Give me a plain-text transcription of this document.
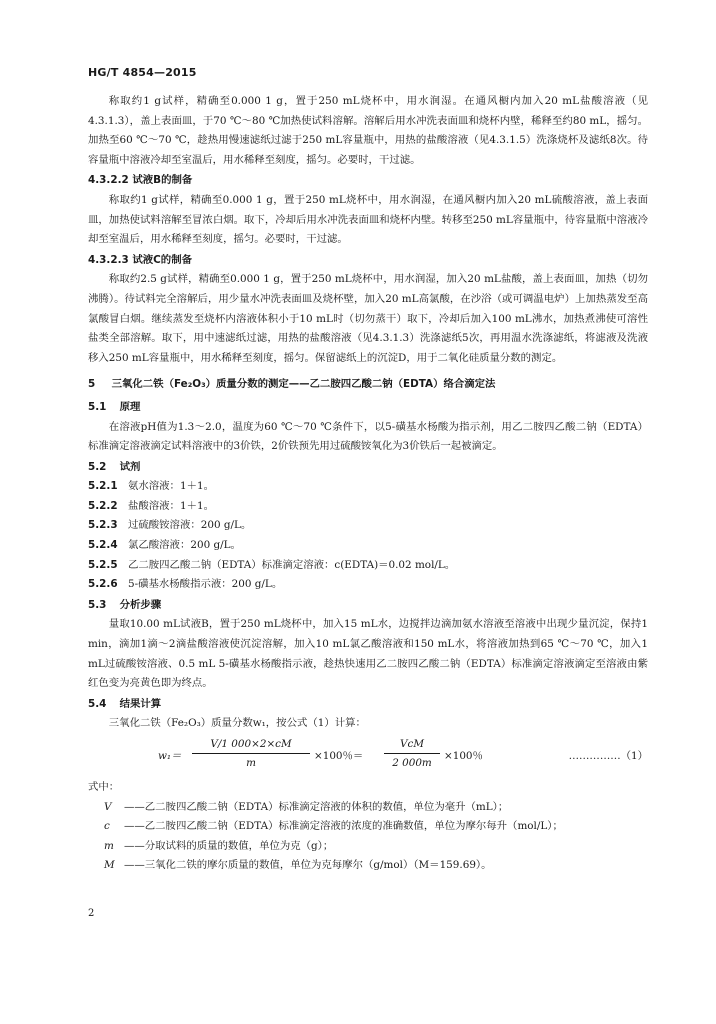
HG/T 4854—2015

称取约1 g试样，精确至0.000 1 g，置于250 mL烧杯中，用水润湿。在通风橱内加入20 mL盐酸溶液（见4.3.1.3），盖上表面皿，于70 ℃～80 ℃加热使试料溶解。溶解后用水冲洗表面皿和烧杯内壁，稀释至约80 mL，摇匀。加热至60 ℃～70 ℃，趁热用慢速滤纸过滤于250 mL容量瓶中，用热的盐酸溶液（见4.3.1.5）洗涤烧杯及滤纸8次。待容量瓶中溶液冷却至室温后，用水稀释至刻度，摇匀。必要时，干过滤。

4.3.2.2 试液B的制备

称取约1 g试样，精确至0.000 1 g，置于250 mL烧杯中，用水润湿，在通风橱内加入20 mL硫酸溶液，盖上表面皿，加热使试料溶解至冒浓白烟。取下，冷却后用水冲洗表面皿和烧杯内壁。转移至250 mL容量瓶中，待容量瓶中溶液冷却至室温后，用水稀释至刻度，摇匀。必要时，干过滤。

4.3.2.3 试液C的制备

称取约2.5 g试样，精确至0.000 1 g，置于250 mL烧杯中，用水润湿，加入20 mL盐酸，盖上表面皿，加热（切勿沸腾）。待试料完全溶解后，用少量水冲洗表面皿及烧杯壁，加入20 mL高氯酸，在沙浴（或可调温电炉）上加热蒸发至高氯酸冒白烟。继续蒸发至烧杯内溶液体积小于10 mL时（切勿蒸干）取下，冷却后加入100 mL沸水，加热煮沸使可溶性盐类全部溶解。取下，用中速滤纸过滤，用热的盐酸溶液（见4.3.1.3）洗涤滤纸5次，再用温水洗涤滤纸，将滤液及洗液移入250 mL容量瓶中，用水稀释至刻度，摇匀。保留滤纸上的沉淀D，用于二氧化硅质量分数的测定。

5 三氧化二铁（Fe₂O₃）质量分数的测定——乙二胺四乙酸二钠（EDTA）络合滴定法
5.1 原理

在溶液pH值为1.3～2.0，温度为60 ℃～70 ℃条件下，以5-磺基水杨酸为指示剂，用乙二胺四乙酸二钠（EDTA）标准滴定溶液滴定试料溶液中的3价铁，2价铁预先用过硫酸铵氧化为3价铁后一起被滴定。

5.2 试剂
5.2.1 氨水溶液：1＋1。
5.2.2 盐酸溶液：1＋1。
5.2.3 过硫酸铵溶液：200 g/L。
5.2.4 氯乙酸溶液：200 g/L。
5.2.5 乙二胺四乙酸二钠（EDTA）标准滴定溶液：c(EDTA)＝0.02 mol/L。
5.2.6 5-磺基水杨酸指示液：200 g/L。
5.3 分析步骤

量取10.00 mL试液B，置于250 mL烧杯中，加入15 mL水，边搅拌边滴加氨水溶液至溶液中出现少量沉淀，保持1 min，滴加1滴～2滴盐酸溶液使沉淀溶解，加入10 mL氯乙酸溶液和150 mL水，将溶液加热到65 ℃～70 ℃，加入1 mL过硫酸铵溶液、0.5 mL 5-磺基水杨酸指示液，趁热快速用乙二胺四乙酸二钠（EDTA）标准滴定溶液滴定至溶液由紫红色变为亮黄色即为终点。

5.4 结果计算

三氧化二铁（Fe₂O₃）质量分数w₁，按公式（1）计算：

w₁＝
V/1 000×2×cM
m
×100％＝
VcM
2 000m
×100％	……………（1）

式中：

V ——乙二胺四乙酸二钠（EDTA）标准滴定溶液的体积的数值，单位为毫升（mL）；
c ——乙二胺四乙酸二钠（EDTA）标准滴定溶液的浓度的准确数值，单位为摩尔每升（mol/L）；
m ——分取试料的质量的数值，单位为克（g）；
M ——三氧化二铁的摩尔质量的数值，单位为克每摩尔（g/mol）（M＝159.69）。
2
